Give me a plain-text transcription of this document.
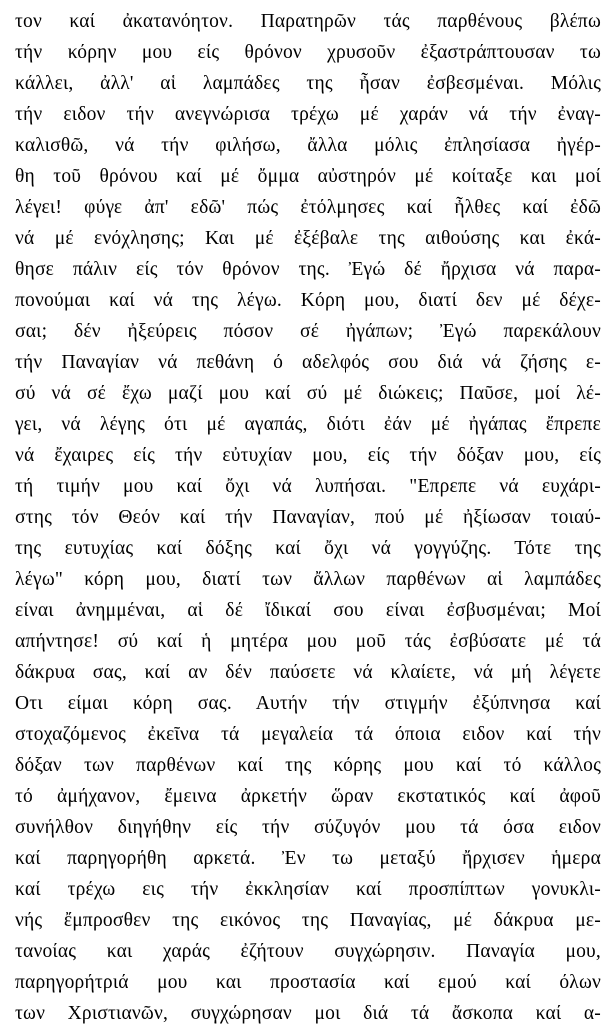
τον καί ἀκατανόητον. Παρατηρῶν τάς παρθένους βλέπω
τήν κόρην μου είς θρόνον χρυσοῦν ἐξαστράπτουσαν τω
κάλλει, ἀλλ' αἱ λαμπάδες της ἦσαν ἐσβεσμέναι. Μόλις
τήν ειδον τήν ανεγνώρισα τρέχω μέ χαράν νά τήν ἐναγ-
καλισθῶ, νά τήν φιλήσω, ἄλλα μόλις ἐπλησίασα ἠγέρ-
θη τοῦ θρόνου καί μέ ὄμμα αὐστηρόν μέ κοίταξε και μοί
λέγει! φύγε ἀπ' εδῶ' πώς ἐτόλμησες καί ἦλθες καί ἐδῶ
νά μέ ενόχλησης; Και μέ ἐξέβαλε της αιθούσης και ἐκά-
θησε πάλιν είς τόν θρόνον της. Ἐγώ δέ ἤρχισα νά παρα-
πονούμαι καί νά της λέγω. Κόρη μου, διατί δεν μέ δέχε-
σαι; δέν ἠξεύρεις πόσον σέ ἠγάπων; Ἐγώ παρεκάλουν
τήν Παναγίαν νά πεθάνη ό αδελφός σου διά νά ζήσης ε-
σύ νά σέ ἔχω μαζί μου καί σύ μέ διώκεις; Παῦσε, μοί λέ-
γει, νά λέγης ότι μέ αγαπάς, διότι ἐάν μέ ἠγάπας ἔπρεπε
νά ἔχαιρες είς τήν εὐτυχίαν μου, είς τήν δόξαν μου, είς
τή τιμήν μου καί ὄχι νά λυπήσαι. "Επρεπε νά ευχάρι-
στης τόν Θεόν καί τήν Παναγίαν, πού μέ ἠξίωσαν τοιαύ-
της ευτυχίας καί δόξης καί ὄχι νά γογγύζης. Τότε της
λέγω" κόρη μου, διατί των ἄλλων παρθένων αἱ λαμπάδες
είναι ἀνημμέναι, αἱ δέ ἴδικαί σου είναι ἐσβυσμέναι; Μοί
απήντησε! σύ καί ἡ μητέρα μου μοῦ τάς ἐσβύσατε μέ τά
δάκρυα σας, καί αν δέν παύσετε νά κλαίετε, νά μή λέγετε
Οτι είμαι κόρη σας. Αυτήν τήν στιγμήν ἐξύπνησα καί
στοχαζόμενος ἐκεῖνα τά μεγαλεία τά όποια ειδον καί τήν
δόξαν των παρθένων καί της κόρης μου καί τό κάλλος
τό ἀμήχανον, ἔμεινα ἀρκετήν ὥραν εκστατικός καί ἀφοῦ
συνήλθον διηγήθην είς τήν σύζυγόν μου τά όσα ειδον
καί παρηγορήθη αρκετά. Ἐν τω μεταξύ ἤρχισεν ἡμερα
καί τρέχω εις τήν ἐκκλησίαν καί προσπίπτων γονυκλι-
νής ἔμπροσθεν της εικόνος της Παναγίας, μέ δάκρυα με-
τανοίας και χαράς ἐζήτουν συγχώρησιν. Παναγία μου,
παρηγορήτριά μου και προστασία καί εμού καί όλων
των Χριστιανῶν, συγχώρησαν μοι διά τά ἄσκοπα καί α-
